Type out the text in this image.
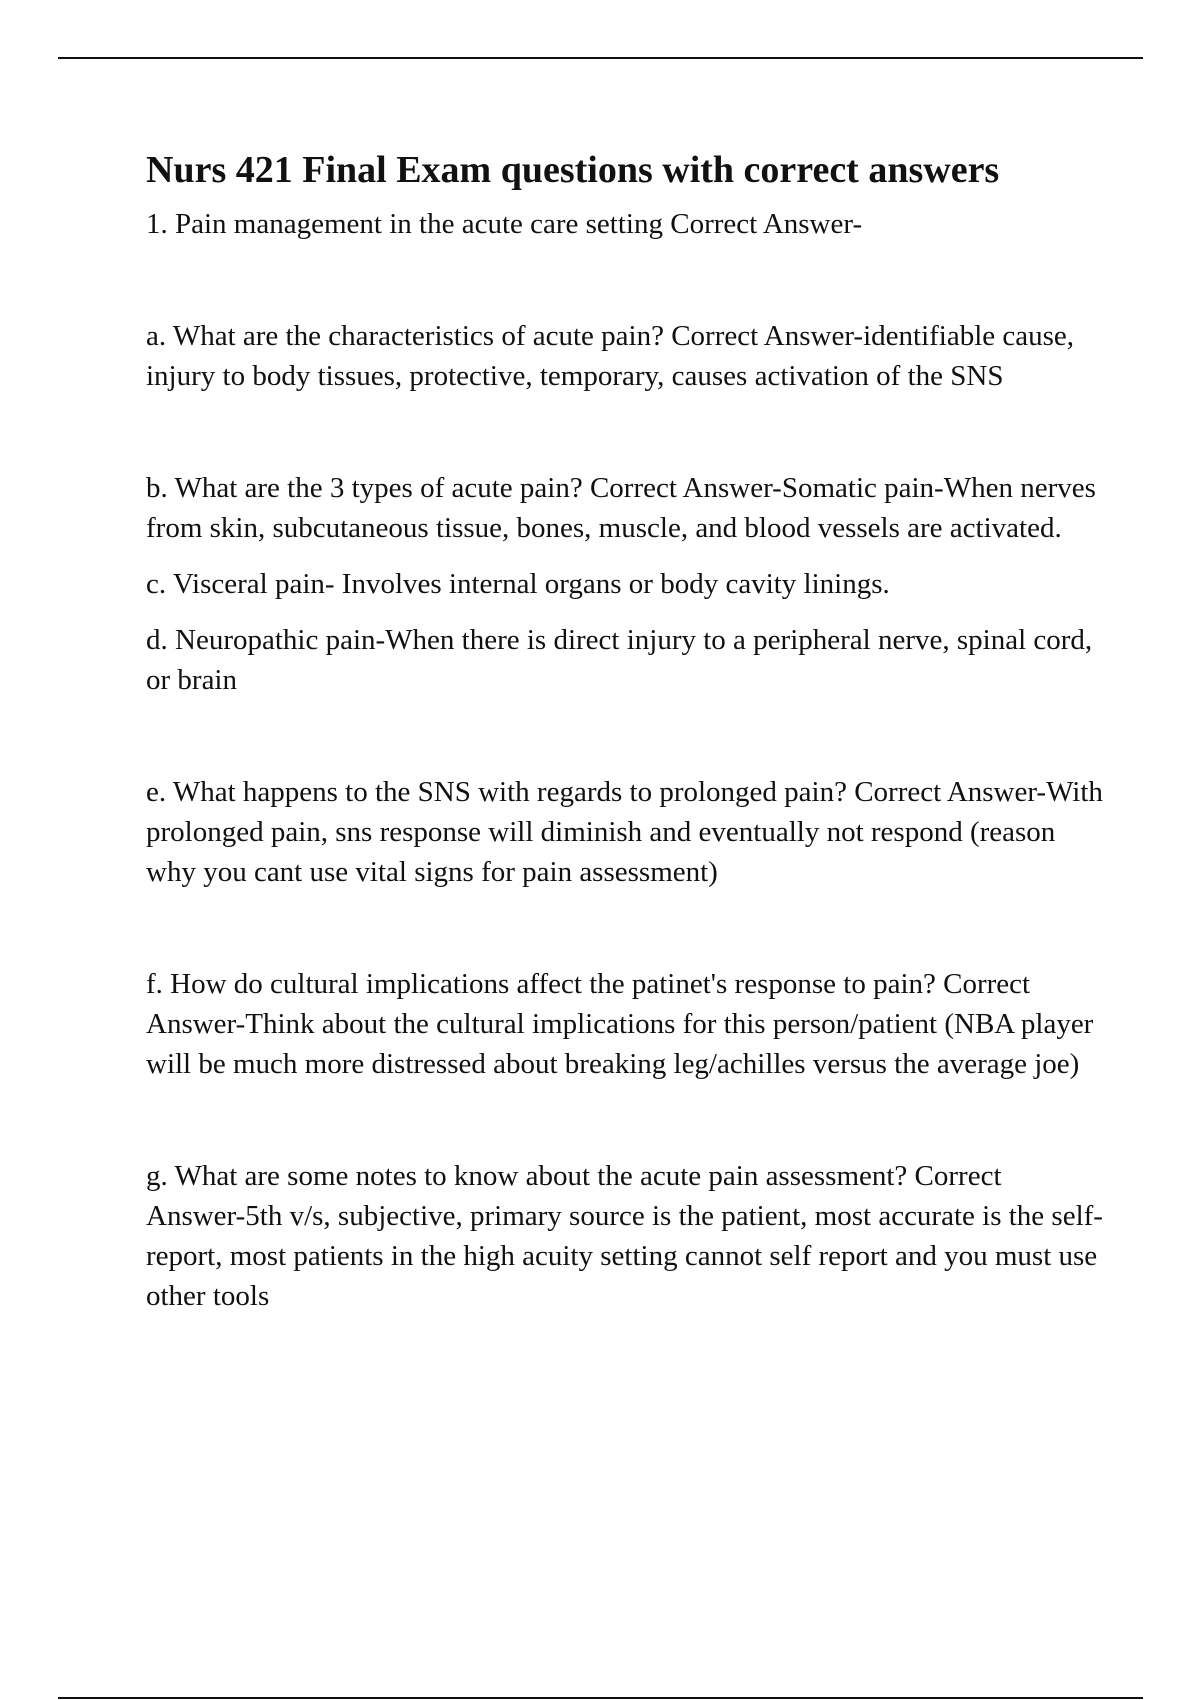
Nurs 421 Final Exam questions with correct answers

1. Pain management in the acute care setting Correct Answer-

a. What are the characteristics of acute pain? Correct Answer-identifiable cause, injury to body tissues, protective, temporary, causes activation of the SNS

b. What are the 3 types of acute pain? Correct Answer-Somatic pain-When nerves from skin, subcutaneous tissue, bones, muscle, and blood vessels are activated.

c. Visceral pain- Involves internal organs or body cavity linings.

d. Neuropathic pain-When there is direct injury to a peripheral nerve, spinal cord, or brain

e. What happens to the SNS with regards to prolonged pain? Correct Answer-With prolonged pain, sns response will diminish and eventually not respond (reason why you cant use vital signs for pain assessment)

f. How do cultural implications affect the patinet's response to pain? Correct Answer-Think about the cultural implications for this person/patient (NBA player will be much more distressed about breaking leg/achilles versus the average joe)

g. What are some notes to know about the acute pain assessment? Correct Answer-5th v/s, subjective, primary source is the patient, most accurate is the self-report, most patients in the high acuity setting cannot self report and you must use other tools
